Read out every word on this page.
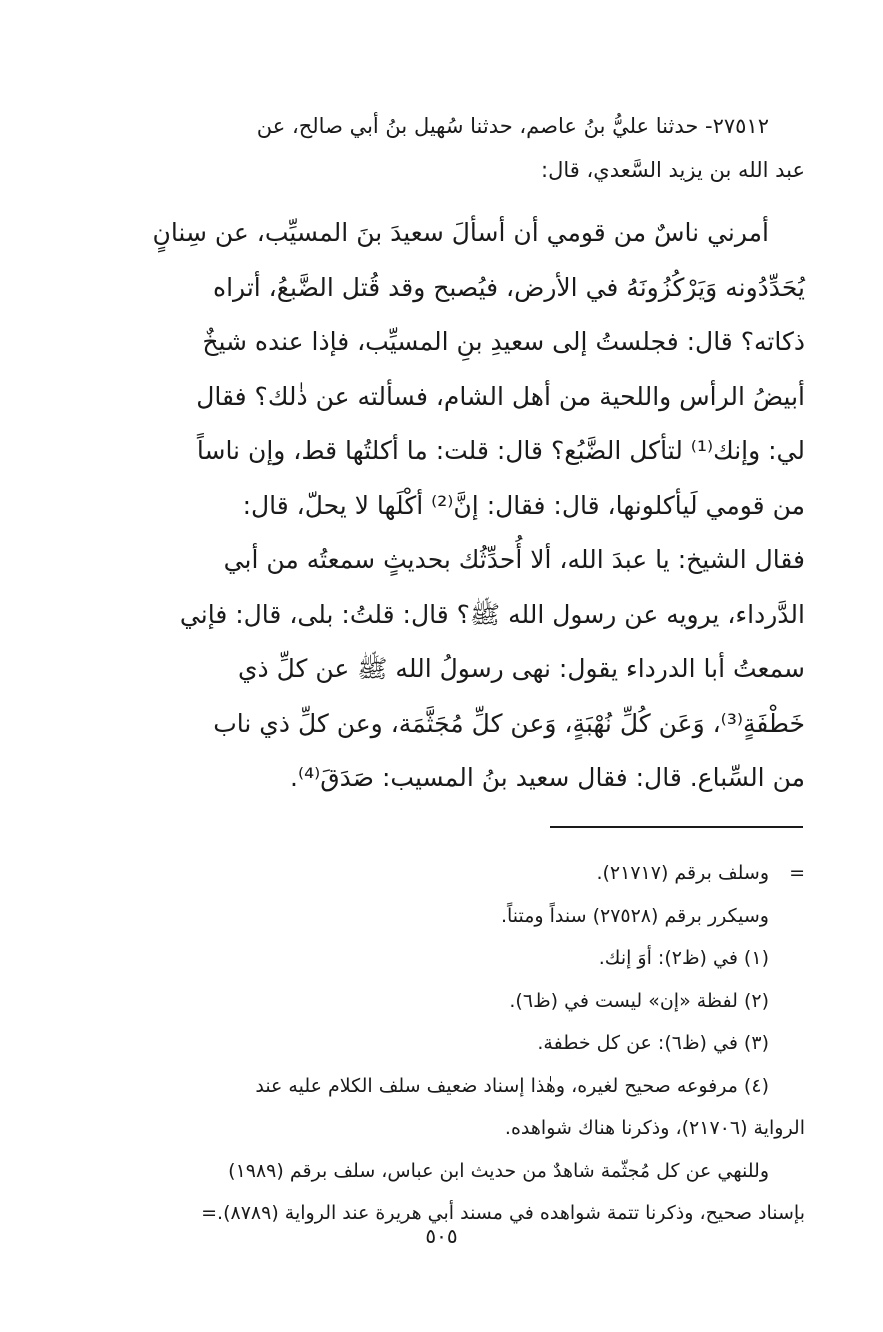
٢٧٥١٢- حدثنا عليُّ بنُ عاصم، حدثنا سُهيل بنُ أبي صالح، عن
عبد الله بن يزيد السَّعدي، قال:
أمرني ناسٌ من قومي أن أسألَ سعيدَ بنَ المسيِّب، عن سِنانٍ
يُحَدِّدُونه وَيَرْكُزُونَهُ في الأرض، فيُصبح وقد قُتل الضَّبعُ، أتراه
ذكاته؟ قال: فجلستُ إلى سعيدِ بنِ المسيِّب، فإذا عنده شيخٌ
أبيضُ الرأس واللحية من أهل الشام، فسألته عن ذٰلك؟ فقال
لي: وإنك⁽¹⁾ لتأكل الضَّبُع؟ قال: قلت: ما أكلتُها قط، وإن ناساً
من قومي لَيأكلونها، قال: فقال: إنَّ⁽²⁾ أكْلَها لا يحلّ، قال:
فقال الشيخ: يا عبدَ الله، ألا أُحدِّثُك بحديثٍ سمعتُه من أبي
الدَّرداء، يرويه عن رسول الله ﷺ؟ قال: قلتُ: بلى، قال: فإني
سمعتُ أبا الدرداء يقول: نهى رسولُ الله ﷺ عن كلِّ ذي
خَطْفَةٍ⁽³⁾، وَعَن كُلِّ نُهْبَةٍ، وَعن كلِّ مُجَثَّمَة، وعن كلِّ ذي ناب
من السِّباع. قال: فقال سعيد بنُ المسيب: صَدَقَ⁽⁴⁾.
=
وسلف برقم (٢١٧١٧).
وسيكرر برقم (٢٧٥٢٨) سنداً ومتناً.
(١) في (ظ٢): أوَ إنك.
(٢) لفظة «إن» ليست في (ظ٦).
(٣) في (ظ٦): عن كل خطفة.
(٤) مرفوعه صحيح لغيره، وهٰذا إسناد ضعيف سلف الكلام عليه عند
الرواية (٢١٧٠٦)، وذكرنا هناك شواهده.
وللنهي عن كل مُجثّمة شاهدٌ من حديث ابن عباس، سلف برقم (١٩٨٩)
بإسناد صحيح، وذكرنا تتمة شواهده في مسند أبي هريرة عند الرواية (٨٧٨٩).=
٥٠٥
